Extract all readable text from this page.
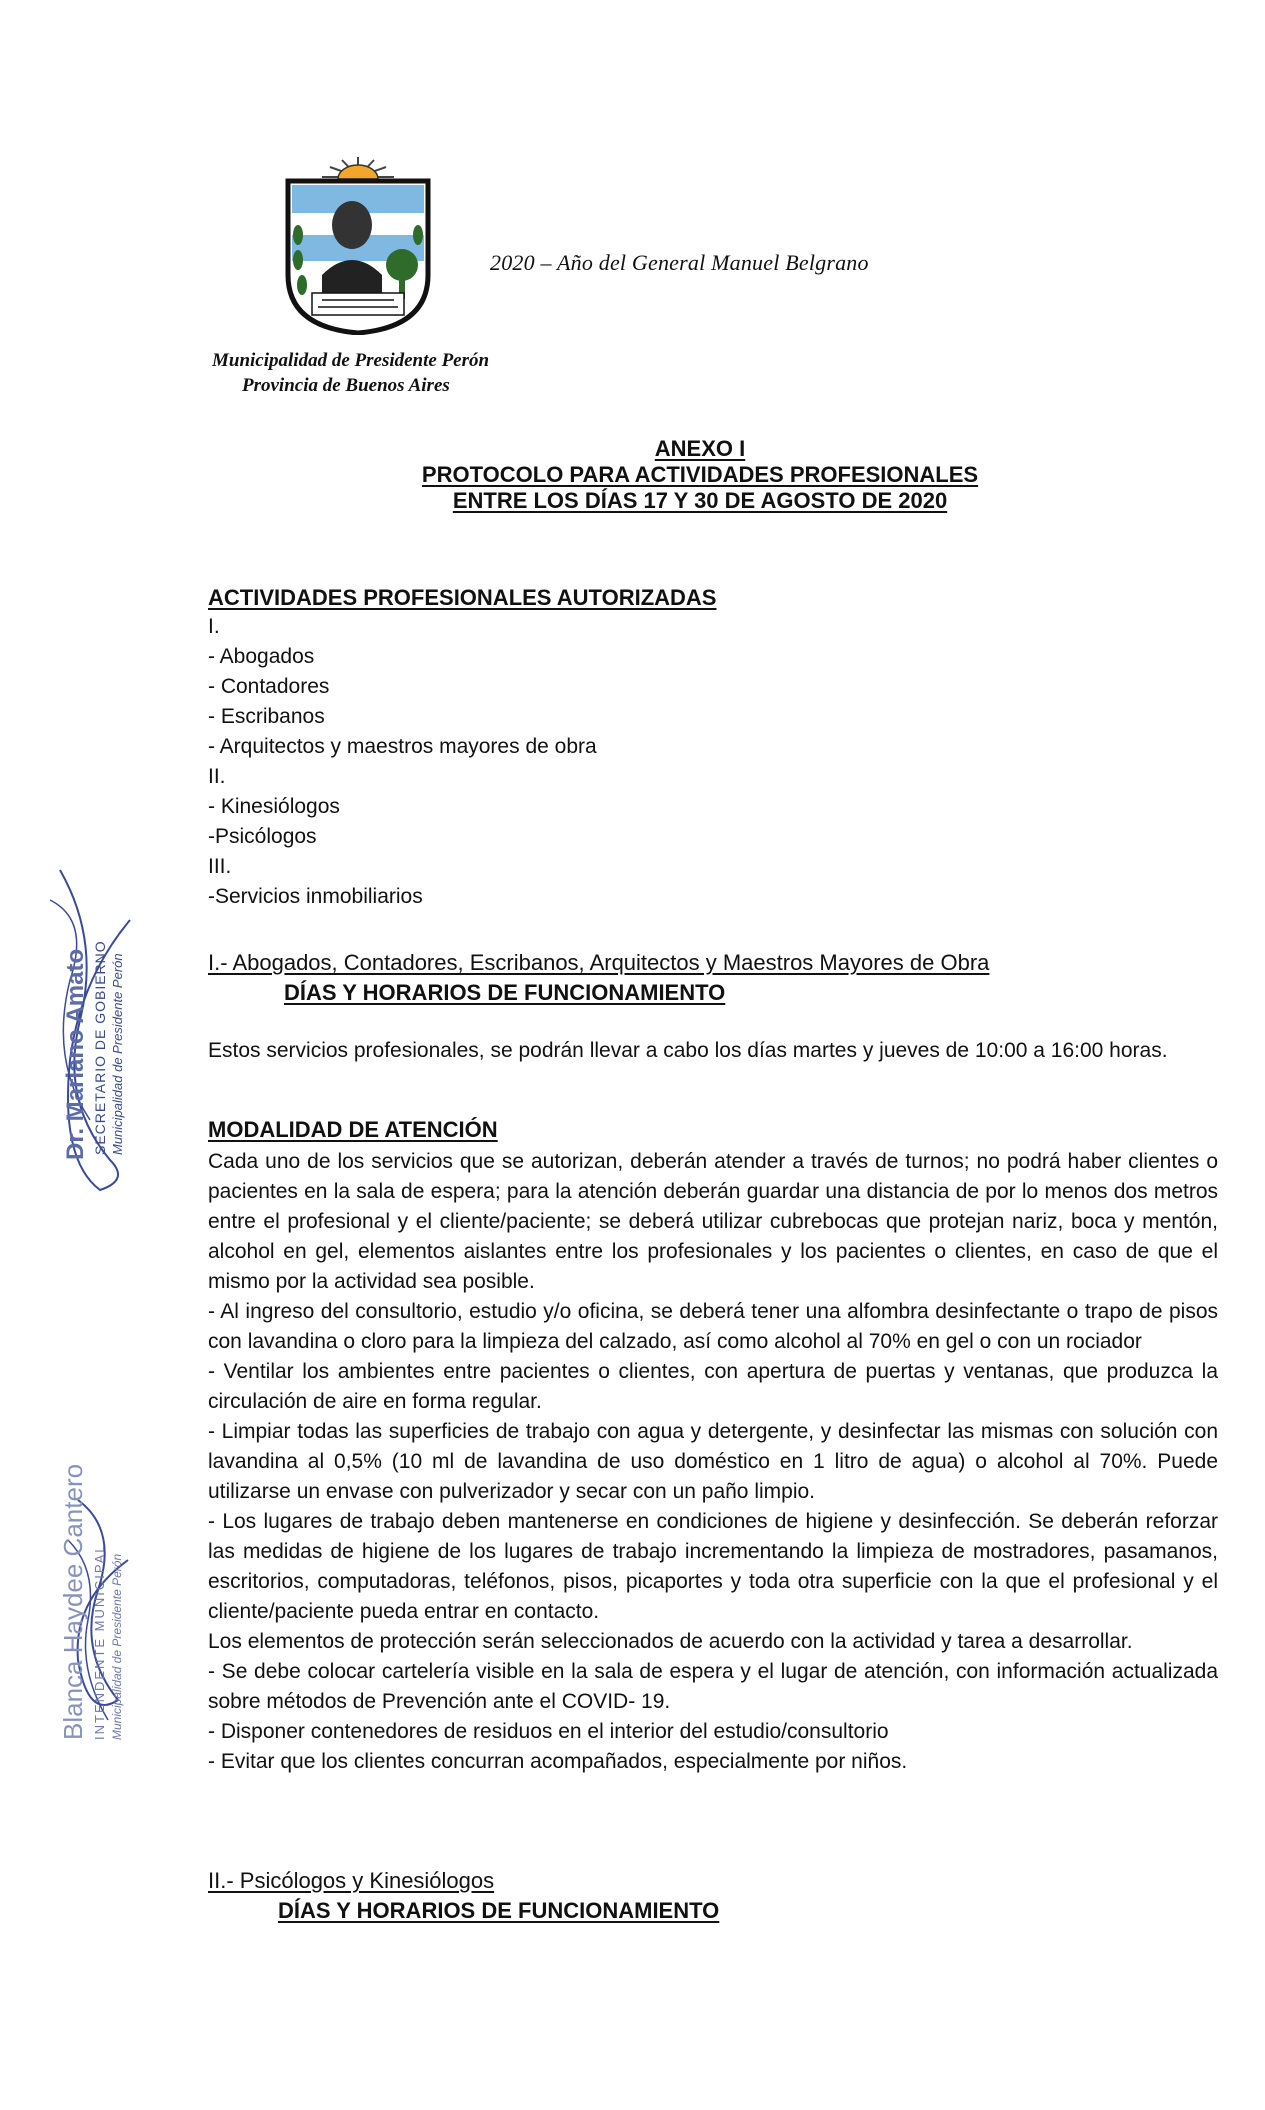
2020 – Año del General Manuel Belgrano
Municipalidad de Presidente Perón
Provincia de Buenos Aires
ANEXO I
PROTOCOLO PARA ACTIVIDADES PROFESIONALES
ENTRE LOS DÍAS 17 Y 30 DE AGOSTO DE 2020
ACTIVIDADES PROFESIONALES AUTORIZADAS
I.
- Abogados
- Contadores
- Escribanos
- Arquitectos y maestros mayores de obra
II.
- Kinesiólogos
-Psicólogos
III.
-Servicios inmobiliarios
I.- Abogados, Contadores, Escribanos, Arquitectos y Maestros Mayores de Obra
DÍAS Y HORARIOS DE FUNCIONAMIENTO
Estos servicios profesionales, se podrán llevar a cabo los días martes y jueves de 10:00 a 16:00 horas.
MODALIDAD DE ATENCIÓN

Cada uno de los servicios que se autorizan, deberán atender a través de turnos; no podrá haber clientes o pacientes en la sala de espera; para la atención deberán guardar una distancia de por lo menos dos metros entre el profesional y el cliente/paciente; se deberá utilizar cubrebocas que protejan nariz, boca y mentón, alcohol en gel, elementos aislantes entre los profesionales y los pacientes o clientes, en caso de que el mismo por la actividad sea posible.

- Al ingreso del consultorio, estudio y/o oficina, se deberá tener una alfombra desinfectante o trapo de pisos con lavandina o cloro para la limpieza del calzado, así como alcohol al 70% en gel o con un rociador

- Ventilar los ambientes entre pacientes o clientes, con apertura de puertas y ventanas, que produzca la circulación de aire en forma regular.

- Limpiar todas las superficies de trabajo con agua y detergente, y desinfectar las mismas con solución con lavandina al 0,5% (10 ml de lavandina de uso doméstico en 1 litro de agua) o alcohol al 70%. Puede utilizarse un envase con pulverizador y secar con un paño limpio.

- Los lugares de trabajo deben mantenerse en condiciones de higiene y desinfección. Se deberán reforzar las medidas de higiene de los lugares de trabajo incrementando la limpieza de mostradores, pasamanos, escritorios, computadoras, teléfonos, pisos, picaportes y toda otra superficie con la que el profesional y el cliente/paciente pueda entrar en contacto.

Los elementos de protección serán seleccionados de acuerdo con la actividad y tarea a desarrollar.

- Se debe colocar cartelería visible en la sala de espera y el lugar de atención, con información actualizada sobre métodos de Prevención ante el COVID- 19.

- Disponer contenedores de residuos en el interior del estudio/consultorio

- Evitar que los clientes concurran acompañados, especialmente por niños.

II.- Psicólogos y Kinesiólogos
DÍAS Y HORARIOS DE FUNCIONAMIENTO
Dr. Mariano Amato SECRETARIO DE GOBIERNO Municipalidad de Presidente Perón
Blanca Haydee Cantero INTENDENTE MUNICIPAL Municipalidad de Presidente Perón
